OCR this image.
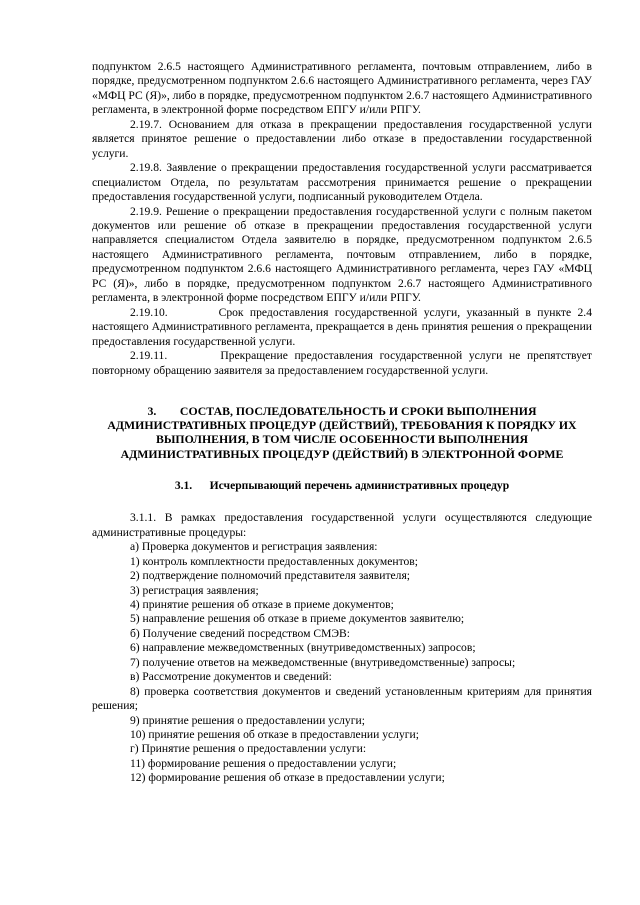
подпунктом 2.6.5 настоящего Административного регламента, почтовым отправлением, либо в порядке, предусмотренном подпунктом 2.6.6 настоящего Административного регламента, через ГАУ «МФЦ РС (Я)», либо в порядке, предусмотренном подпунктом 2.6.7 настоящего Административного регламента, в электронной форме посредством ЕПГУ и/или РПГУ.

2.19.7. Основанием для отказа в прекращении предоставления государственной услуги является принятое решение о предоставлении либо отказе в предоставлении государственной услуги.

2.19.8. Заявление о прекращении предоставления государственной услуги рассматривается специалистом Отдела, по результатам рассмотрения принимается решение о прекращении предоставления государственной услуги, подписанный руководителем Отдела.

2.19.9. Решение о прекращении предоставления государственной услуги с полным пакетом документов или решение об отказе в прекращении предоставления государственной услуги направляется специалистом Отдела заявителю в порядке, предусмотренном подпунктом 2.6.5 настоящего Административного регламента, почтовым отправлением, либо в порядке, предусмотренном подпунктом 2.6.6 настоящего Административного регламента, через ГАУ «МФЦ РС (Я)», либо в порядке, предусмотренном подпунктом 2.6.7 настоящего Административного регламента, в электронной форме посредством ЕПГУ и/или РПГУ.

2.19.10.        Срок предоставления государственной услуги, указанный в пункте 2.4 настоящего Административного регламента, прекращается в день принятия решения о прекращении предоставления государственной услуги.

2.19.11.        Прекращение предоставления государственной услуги не препятствует повторному обращению заявителя за предоставлением государственной услуги.

3.        СОСТАВ, ПОСЛЕДОВАТЕЛЬНОСТЬ И СРОКИ ВЫПОЛНЕНИЯ АДМИНИСТРАТИВНЫХ ПРОЦЕДУР (ДЕЙСТВИЙ), ТРЕБОВАНИЯ К ПОРЯДКУ ИХ ВЫПОЛНЕНИЯ, В ТОМ ЧИСЛЕ ОСОБЕННОСТИ ВЫПОЛНЕНИЯ АДМИНИСТРАТИВНЫХ ПРОЦЕДУР (ДЕЙСТВИЙ) В ЭЛЕКТРОННОЙ ФОРМЕ

3.1.      Исчерпывающий перечень административных процедур

3.1.1. В рамках предоставления государственной услуги осуществляются следующие административные процедуры:

а) Проверка документов и регистрация заявления:

1) контроль комплектности предоставленных документов;

2) подтверждение полномочий представителя заявителя;

3) регистрация заявления;

4) принятие решения об отказе в приеме документов;

5) направление решения об отказе в приеме документов заявителю;

б) Получение сведений посредством СМЭВ:

6) направление межведомственных (внутриведомственных) запросов;

7) получение ответов на межведомственные (внутриведомственные) запросы;

в) Рассмотрение документов и сведений:

8) проверка соответствия документов и сведений установленным критериям для принятия решения;

9) принятие решения о предоставлении услуги;

10) принятие решения об отказе в предоставлении услуги;

г) Принятие решения о предоставлении услуги:

11) формирование решения о предоставлении услуги;

12) формирование решения об отказе в предоставлении услуги;
